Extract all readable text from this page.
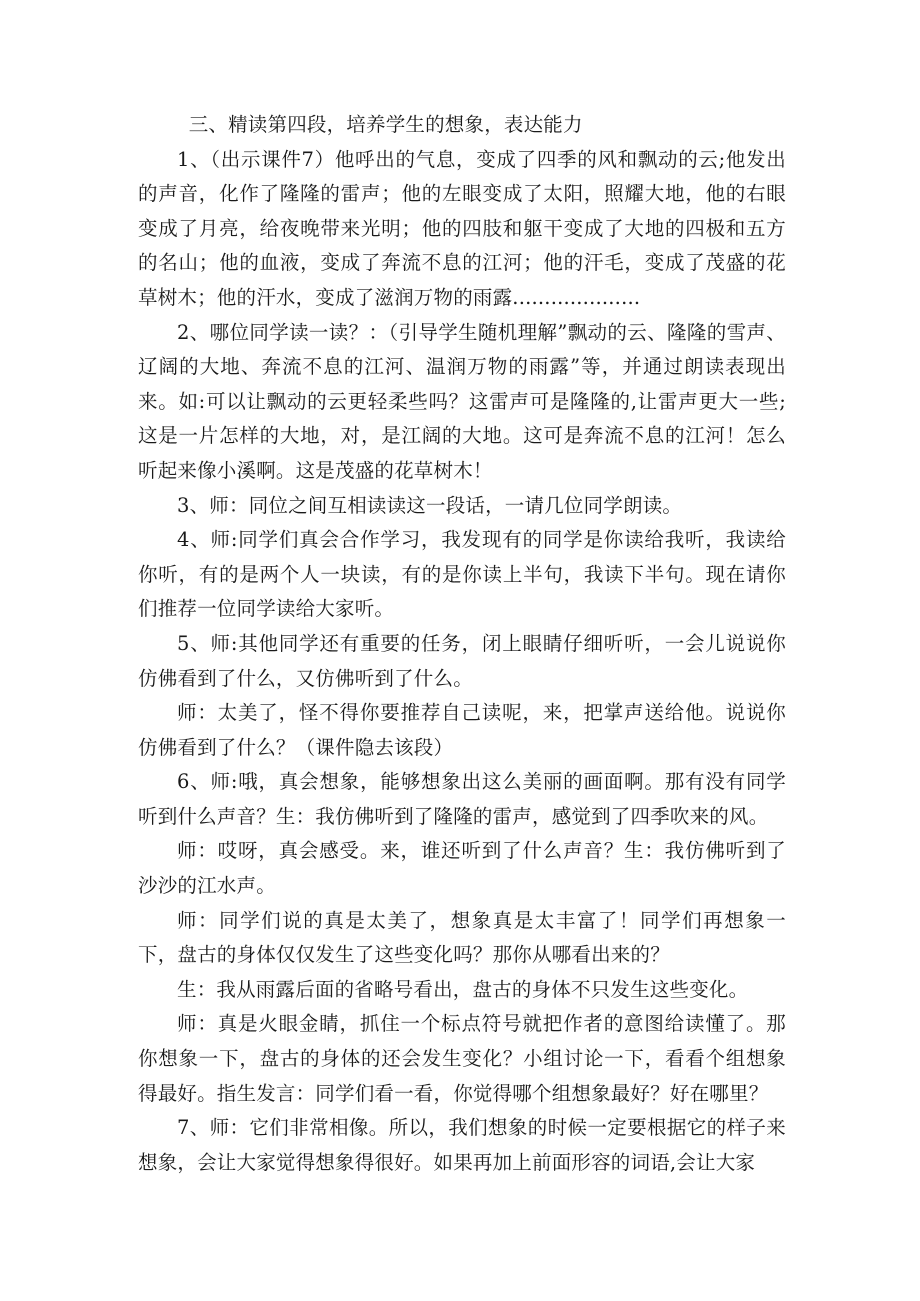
三、精读第四段，培养学生的想象，表达能力

1、（出示课件7）他呼出的气息，变成了四季的风和飘动的云;他发出的声音，化作了隆隆的雷声；他的左眼变成了太阳，照耀大地，他的右眼变成了月亮，给夜晚带来光明；他的四肢和躯干变成了大地的四极和五方的名山；他的血液，变成了奔流不息的江河；他的汗毛，变成了茂盛的花草树木；他的汗水，变成了滋润万物的雨露....................

2、哪位同学读一读？：（引导学生随机理解”飘动的云、隆隆的雪声、辽阔的大地、奔流不息的江河、温润万物的雨露”等，并通过朗读表现出来。如:可以让飘动的云更轻柔些吗？这雷声可是隆隆的,让雷声更大一些;这是一片怎样的大地，对，是江阔的大地。这可是奔流不息的江河！怎么听起来像小溪啊。这是茂盛的花草树木！

3、师：同位之间互相读读这一段话，一请几位同学朗读。

4、师:同学们真会合作学习，我发现有的同学是你读给我听，我读给你听，有的是两个人一块读，有的是你读上半句，我读下半句。现在请你们推荐一位同学读给大家听。

5、师:其他同学还有重要的任务，闭上眼睛仔细听听，一会儿说说你仿佛看到了什么，又仿佛听到了什么。

师：太美了，怪不得你要推荐自己读呢，来，把掌声送给他。说说你仿佛看到了什么？（课件隐去该段）

6、师:哦，真会想象，能够想象出这么美丽的画面啊。那有没有同学听到什么声音？生：我仿佛听到了隆隆的雷声，感觉到了四季吹来的风。

师：哎呀，真会感受。来，谁还听到了什么声音？生：我仿佛听到了沙沙的江水声。

师：同学们说的真是太美了，想象真是太丰富了！同学们再想象一下，盘古的身体仅仅发生了这些变化吗？那你从哪看出来的？

生：我从雨露后面的省略号看出，盘古的身体不只发生这些变化。

师：真是火眼金睛，抓住一个标点符号就把作者的意图给读懂了。那你想象一下，盘古的身体的还会发生变化？小组讨论一下，看看个组想象得最好。指生发言：同学们看一看，你觉得哪个组想象最好？好在哪里？

7、师：它们非常相像。所以，我们想象的时候一定要根据它的样子来想象，会让大家觉得想象得很好。如果再加上前面形容的词语,会让大家
